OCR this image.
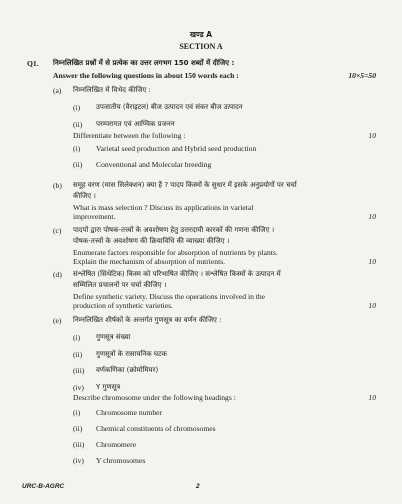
खण्ड A
SECTION A
Q1. निम्नलिखित प्रश्नों में से प्रत्येक का उत्तर लगभग 150 शब्दों में दीजिए :
Answer the following questions in about 150 words each :	10×5=50
(a) निम्नलिखित में विभेद कीजिए :
(i) उपजातीय (वैराइटल) बीज उत्पादन एवं संकर बीज उत्पादन
(ii) परम्परागत एवं आण्विक प्रजनन
Differentiate between the following :	10
(i) Varietal seed production and Hybrid seed production
(ii) Conventional and Molecular breeding
(b) समूह वरण (मास सिलेक्शन) क्या है ? पादप किस्मों के सुधार में इसके अनुप्रयोगों पर चर्चा
कीजिए ।
What is mass selection ? Discuss its applications in varietal
improvement.	10
(c) पादपों द्वारा पोषक-तत्त्वों के अवशोषण हेतु उत्तरदायी कारकों की गणना कीजिए ।
पोषक-तत्त्वों के अवशोषण की क्रियाविधि की व्याख्या कीजिए ।
Enumerate factors responsible for absorption of nutrients by plants.
Explain the mechanism of absorption of nutrients.	10
(d) संश्लेषित (सिंथेटिक) किस्म को परिभाषित कीजिए । संश्लेषित किस्मों के उत्पादन में
सम्मिलित प्रचालनों पर चर्चा कीजिए ।
Define synthetic variety. Discuss the operations involved in the
production of synthetic varieties.	10
(e) निम्नलिखित शीर्षकों के अन्तर्गत गुणसूत्र का वर्णन कीजिए :
(i) गुणसूत्र संख्या
(ii) गुणसूत्रों के रासायनिक घटक
(iii) वर्णकणिका (क्रोमोमियर)
(iv) Y गुणसूत्र
Describe chromosome under the following headings :	10
(i) Chromosome number
(ii) Chemical constituents of chromosomes
(iii) Chromomere
(iv) Y chromosomes
URC-B-AGRC	2
